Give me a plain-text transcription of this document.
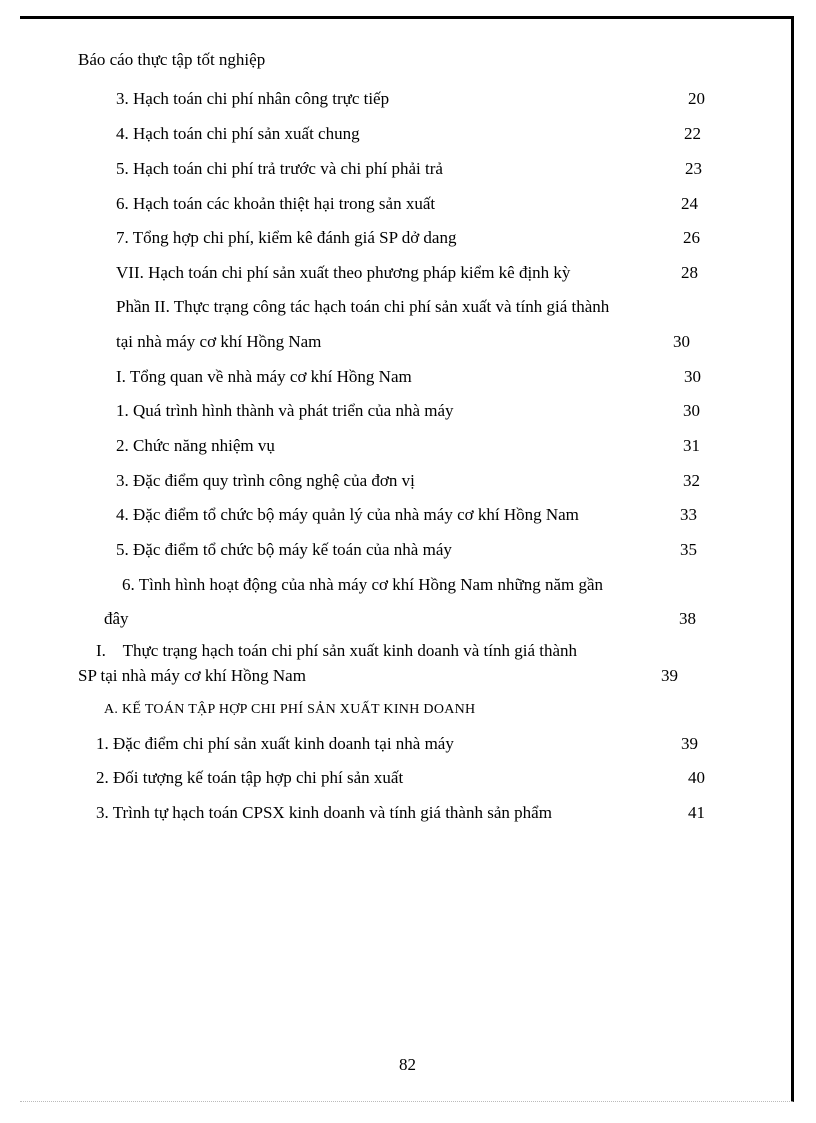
Báo cáo thực tập tốt nghiệp
3. Hạch toán chi phí nhân công trực tiếp	20
4. Hạch toán chi phí sản xuất chung	22
5. Hạch toán chi phí trả trước và chi phí phải trả	23
6. Hạch toán các khoản thiệt hại trong sản xuất	24
7. Tổng hợp chi phí, kiểm kê đánh giá SP dở dang	26
VII. Hạch toán chi phí sản xuất theo phương pháp kiểm kê định kỳ	28
Phần II. Thực trạng công tác hạch toán chi phí sản xuất và tính giá thành
tại nhà máy cơ khí Hồng Nam	30
I. Tổng quan về nhà máy cơ khí Hồng Nam	30
1. Quá trình hình thành và phát triển của nhà máy	30
2. Chức năng nhiệm vụ	31
3. Đặc điểm quy trình công nghệ của đơn vị	32
4. Đặc điểm tổ chức bộ máy quản lý của nhà máy cơ khí Hồng Nam	33
5. Đặc điểm tổ chức bộ máy kế toán của nhà máy	35
6. Tình hình hoạt động của nhà máy cơ khí Hồng Nam những năm gần
đây	38
I.    Thực trạng hạch toán chi phí sản xuất kinh doanh và tính giá thành
SP tại nhà máy cơ khí Hồng Nam	39
A. KẾ TOÁN TẬP HỢP CHI PHÍ SẢN XUẤT KINH DOANH
1. Đặc điểm chi phí sản xuất kinh doanh tại nhà máy	39
2. Đối tượng kế toán tập hợp chi phí sản xuất	40
3. Trình tự hạch toán CPSX kinh doanh và tính giá thành sản phẩm	41
82
